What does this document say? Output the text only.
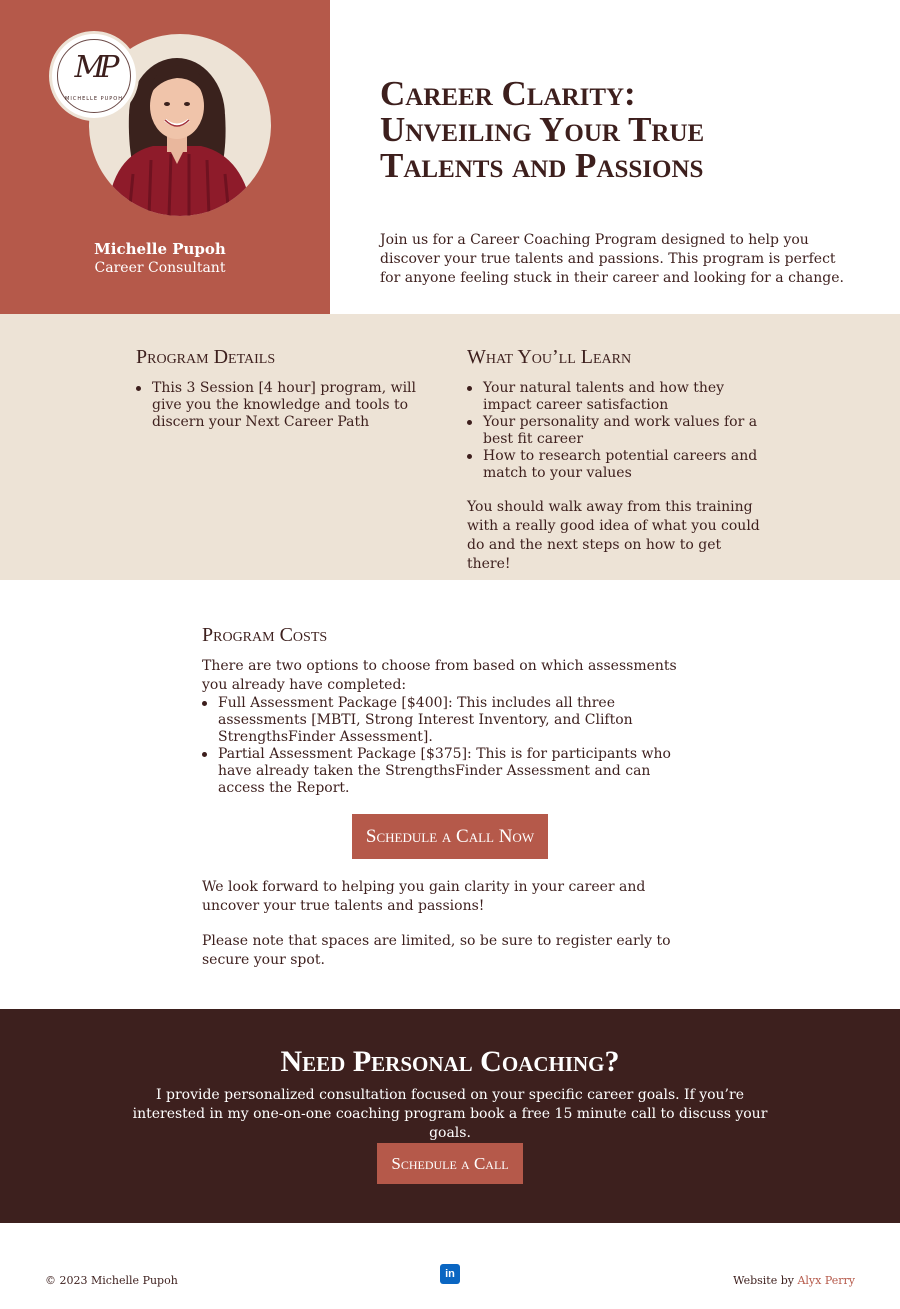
MP
MICHELLE PUPOH
Michelle Pupoh
Career Consultant
Career Clarity:
Unveiling Your True
Talents and Passions

Join us for a Career Coaching Program designed to help you discover your true talents and passions. This program is perfect for anyone feeling stuck in their career and looking for a change.

Program Details
This 3 Session [4 hour] program, will give you the knowledge and tools to discern your Next Career Path
What You’ll Learn
Your natural talents and how they impact career satisfaction
Your personality and work values for a best fit career
How to research potential careers and match to your values

You should walk away from this training with a really good idea of what you could do and the next steps on how to get there!

Program Costs

There are two options to choose from based on which assessments you already have completed:

Full Assessment Package [$400]: This includes all three assessments [MBTI, Strong Interest Inventory, and Clifton StrengthsFinder Assessment].
Partial Assessment Package [$375]: This is for participants who have already taken the StrengthsFinder Assessment and can access the Report.
Schedule a Call Now

We look forward to helping you gain clarity in your career and uncover your true talents and passions!

Please note that spaces are limited, so be sure to register early to secure your spot.

Need Personal Coaching?

I provide personalized consultation focused on your specific career goals. If you’re interested in my one-on-one coaching program book a free 15 minute call to discuss your goals.

Schedule a Call
© 2023 Michelle Pupoh	in	Website by Alyx Perry
